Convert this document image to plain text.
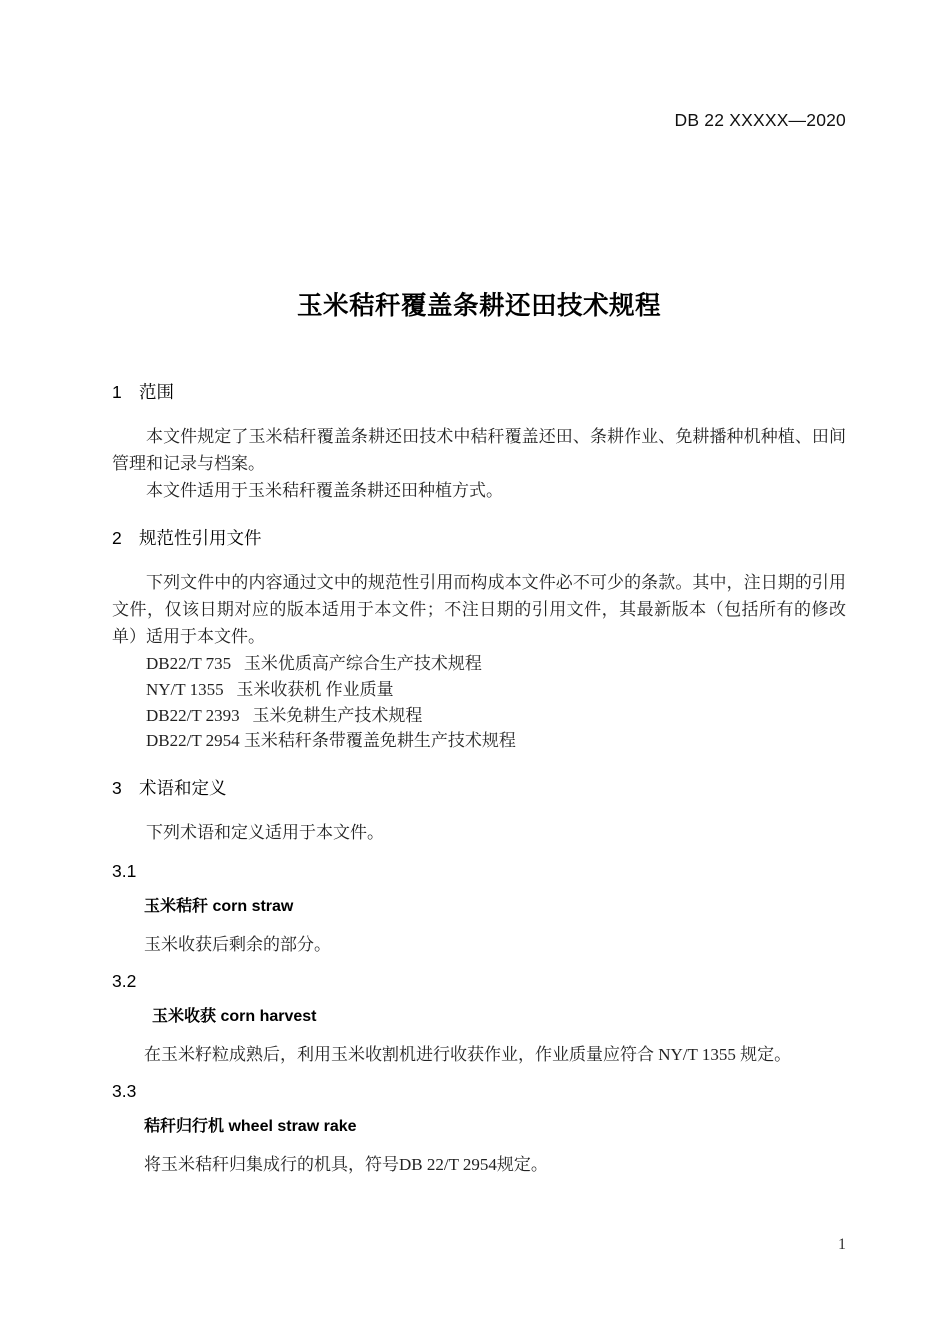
DB 22 XXXXX—2020
玉米秸秆覆盖条耕还田技术规程
1 范围

本文件规定了玉米秸秆覆盖条耕还田技术中秸秆覆盖还田、条耕作业、免耕播种机种植、田间管理和记录与档案。

本文件适用于玉米秸秆覆盖条耕还田种植方式。

2 规范性引用文件

下列文件中的内容通过文中的规范性引用而构成本文件必不可少的条款。其中，注日期的引用文件，仅该日期对应的版本适用于本文件；不注日期的引用文件，其最新版本（包括所有的修改单）适用于本文件。

DB22/T 735   玉米优质高产综合生产技术规程

NY/T 1355   玉米收获机 作业质量

DB22/T 2393   玉米免耕生产技术规程

DB22/T 2954 玉米秸秆条带覆盖免耕生产技术规程

3 术语和定义

下列术语和定义适用于本文件。

3.1

玉米秸秆 corn straw

玉米收获后剩余的部分。

3.2

玉米收获 corn harvest

在玉米籽粒成熟后，利用玉米收割机进行收获作业，作业质量应符合 NY/T 1355 规定。

3.3

秸秆归行机 wheel straw rake

将玉米秸秆归集成行的机具，符号DB 22/T 2954规定。

1
